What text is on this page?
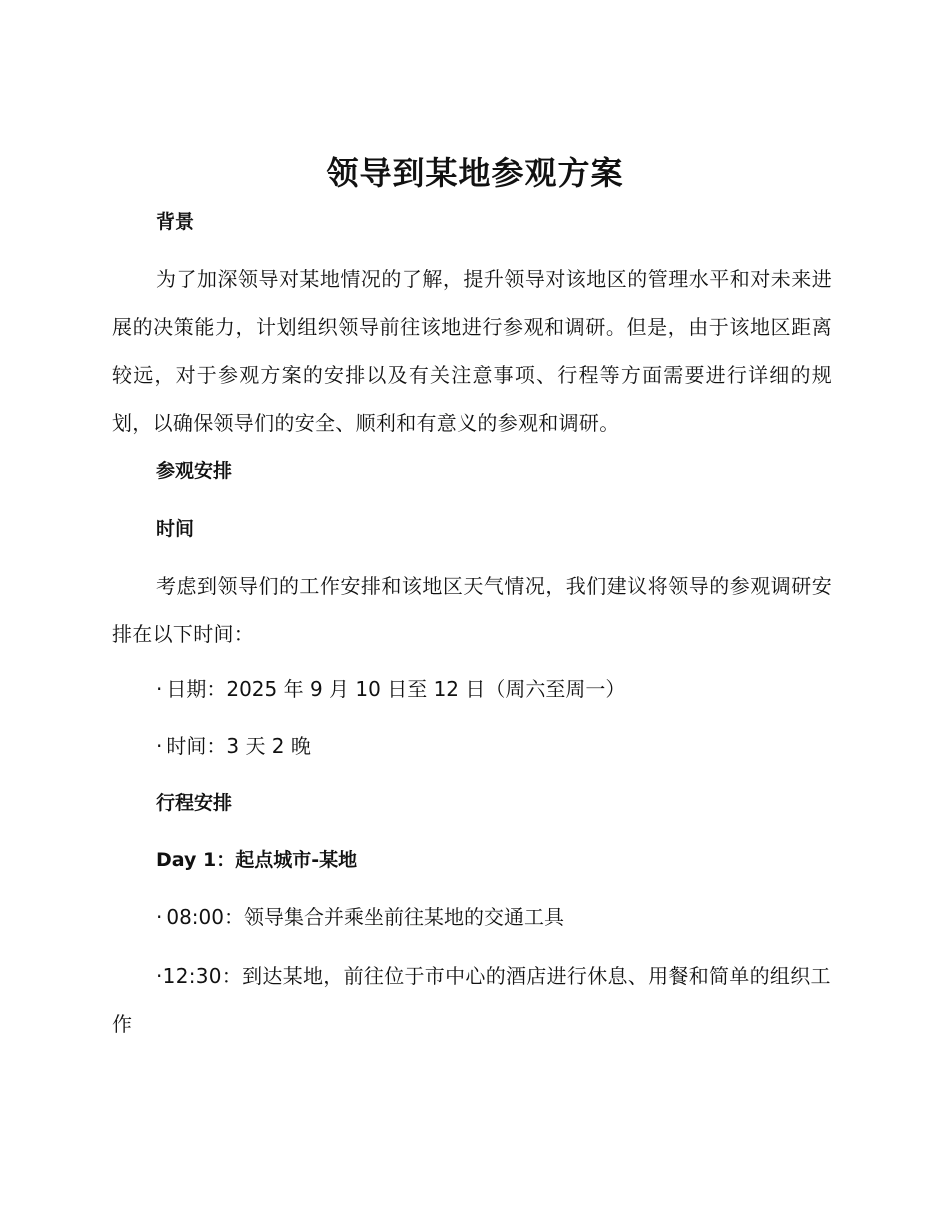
领导到某地参观方案
背景
为了加深领导对某地情况的了解，提升领导对该地区的管理水平和对未来进展的决策能力，计划组织领导前往该地进行参观和调研。但是，由于该地区距离较远，对于参观方案的安排以及有关注意事项、行程等方面需要进行详细的规划，以确保领导们的安全、顺利和有意义的参观和调研。
参观安排
时间
考虑到领导们的工作安排和该地区天气情况，我们建议将领导的参观调研安排在以下时间：
· 日期：2025 年 9 月 10 日至 12 日（周六至周一）
· 时间：3 天 2 晚
行程安排
Day 1：起点城市-某地
· 08:00：领导集合并乘坐前往某地的交通工具
·12:30：到达某地，前往位于市中心的酒店进行休息、用餐和简单的组织工作
